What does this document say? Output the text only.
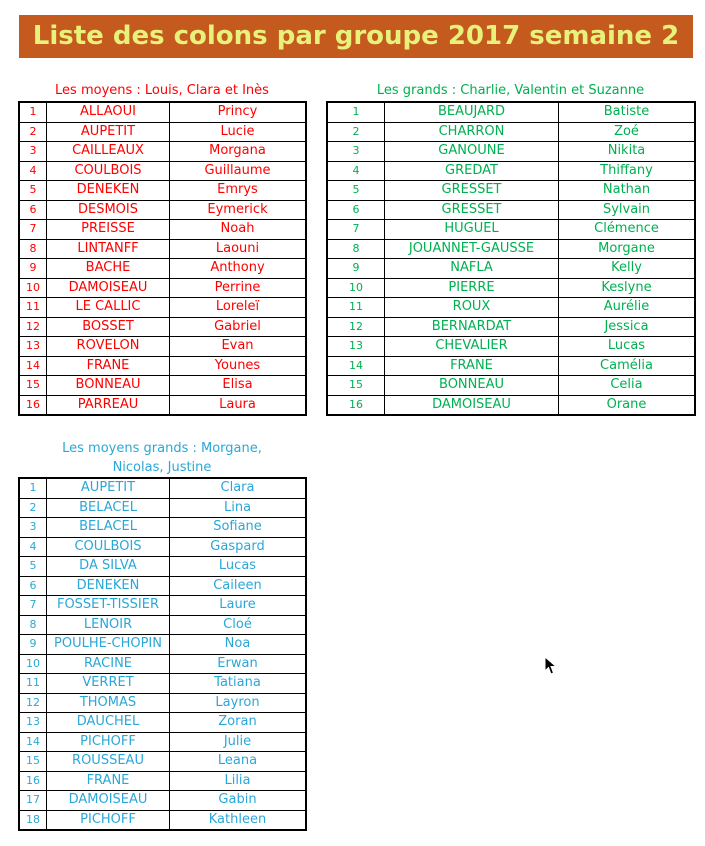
Liste des colons par groupe 2017 semaine 2
Les moyens : Louis, Clara et Inès
1	ALLAOUI	Princy
2	AUPETIT	Lucie
3	CAILLEAUX	Morgana
4	COULBOIS	Guillaume
5	DENEKEN	Emrys
6	DESMOIS	Eymerick
7	PREISSE	Noah
8	LINTANFF	Laouni
9	BACHE	Anthony
10	DAMOISEAU	Perrine
11	LE CALLIC	Loreleï
12	BOSSET	Gabriel
13	ROVELON	Evan
14	FRANE	Younes
15	BONNEAU	Elisa
16	PARREAU	Laura
Les grands : Charlie, Valentin et Suzanne
1	BEAUJARD	Batiste
2	CHARRON	Zoé
3	GANOUNE	Nikita
4	GREDAT	Thiffany
5	GRESSET	Nathan
6	GRESSET	Sylvain
7	HUGUEL	Clémence
8	JOUANNET-GAUSSE	Morgane
9	NAFLA	Kelly
10	PIERRE	Keslyne
11	ROUX	Aurélie
12	BERNARDAT	Jessica
13	CHEVALIER	Lucas
14	FRANE	Camélia
15	BONNEAU	Celia
16	DAMOISEAU	Orane
Les moyens grands : Morgane,
Nicolas, Justine
1	AUPETIT	Clara
2	BELACEL	Lina
3	BELACEL	Sofiane
4	COULBOIS	Gaspard
5	DA SILVA	Lucas
6	DENEKEN	Caileen
7	FOSSET-TISSIER	Laure
8	LENOIR	Cloé
9	POULHE-CHOPIN	Noa
10	RACINE	Erwan
11	VERRET	Tatiana
12	THOMAS	Layron
13	DAUCHEL	Zoran
14	PICHOFF	Julie
15	ROUSSEAU	Leana
16	FRANE	Lilia
17	DAMOISEAU	Gabin
18	PICHOFF	Kathleen
